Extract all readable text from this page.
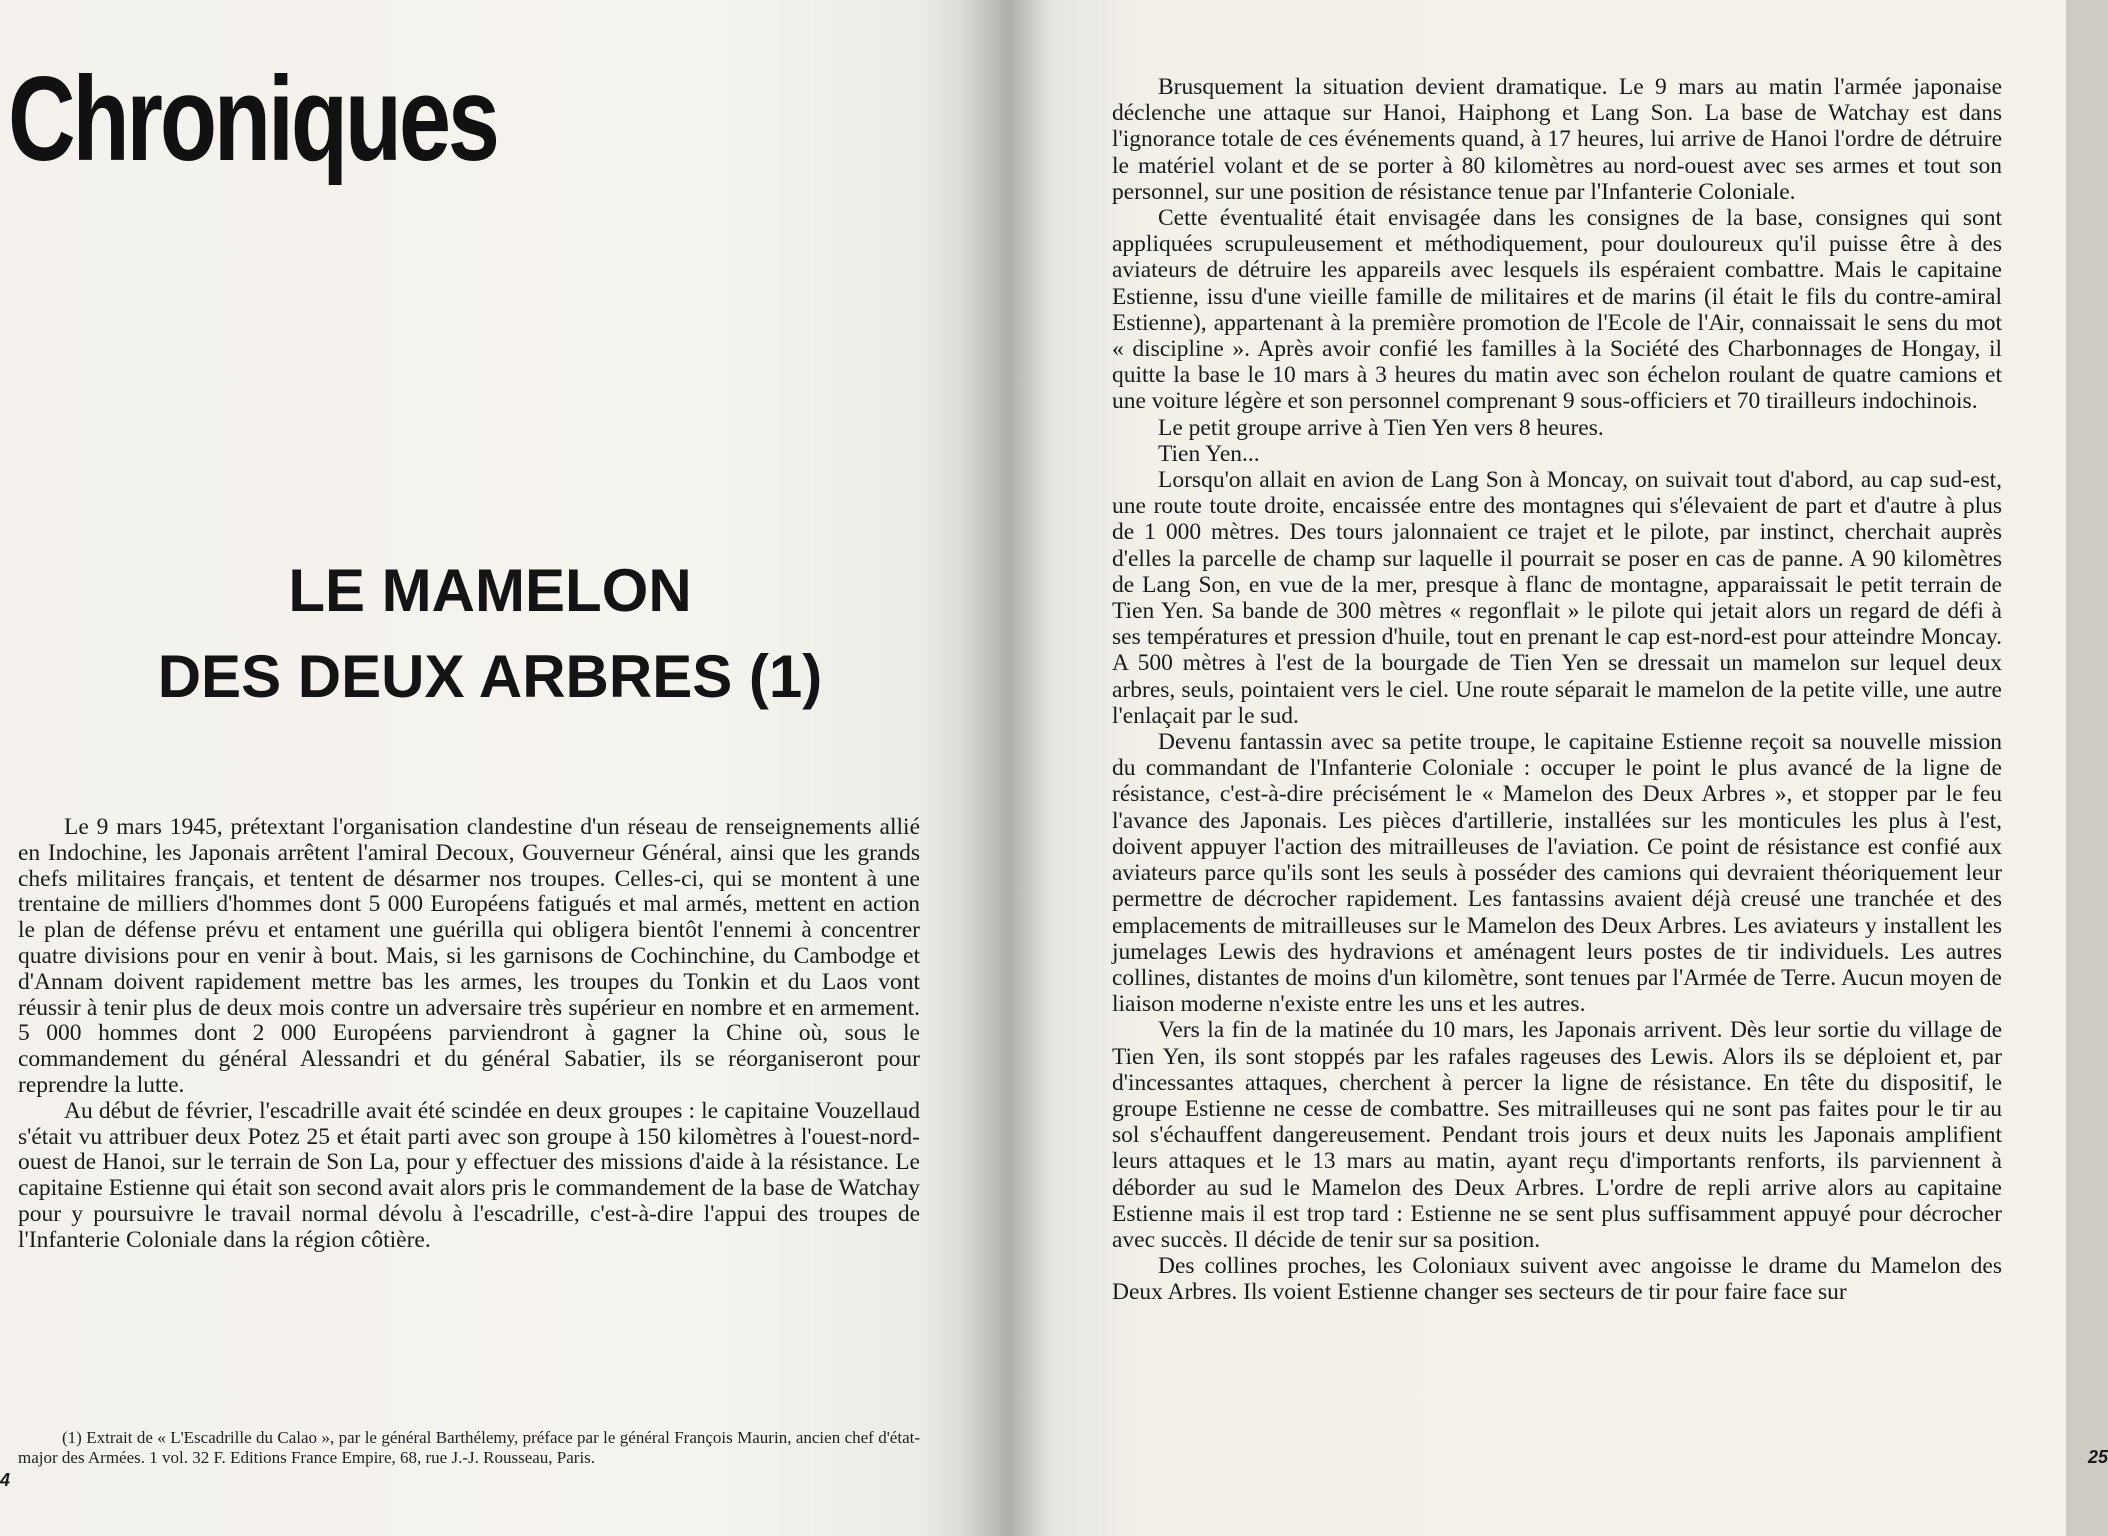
Chroniques
LE MAMELON
DES DEUX ARBRES (1)

Le 9 mars 1945, prétextant l'organisation clandestine d'un réseau de renseignements allié en Indochine, les Japonais arrêtent l'amiral Decoux, Gouverneur Général, ainsi que les grands chefs militaires français, et tentent de désarmer nos troupes. Celles-ci, qui se montent à une trentaine de milliers d'hommes dont 5 000 Européens fatigués et mal armés, mettent en action le plan de défense prévu et entament une guérilla qui obligera bientôt l'ennemi à concentrer quatre divisions pour en venir à bout. Mais, si les garnisons de Cochinchine, du Cambodge et d'Annam doivent rapidement mettre bas les armes, les troupes du Tonkin et du Laos vont réussir à tenir plus de deux mois contre un adversaire très supérieur en nombre et en armement. 5 000 hommes dont 2 000 Européens parviendront à gagner la Chine où, sous le commandement du général Alessandri et du général Sabatier, ils se réorganiseront pour reprendre la lutte.

Au début de février, l'escadrille avait été scindée en deux groupes : le capitaine Vouzellaud s'était vu attribuer deux Potez 25 et était parti avec son groupe à 150 kilomètres à l'ouest-nord-ouest de Hanoi, sur le terrain de Son La, pour y effectuer des missions d'aide à la résistance. Le capitaine Estienne qui était son second avait alors pris le commandement de la base de Watchay pour y poursuivre le travail normal dévolu à l'escadrille, c'est-à-dire l'appui des troupes de l'Infanterie Coloniale dans la région côtière.

(1) Extrait de « L'Escadrille du Calao », par le général Barthélemy, préface par le général François Maurin, ancien chef d'état-major des Armées. 1 vol. 32 F. Editions France Empire, 68, rue J.-J. Rousseau, Paris.

4

Brusquement la situation devient dramatique. Le 9 mars au matin l'armée japonaise déclenche une attaque sur Hanoi, Haiphong et Lang Son. La base de Watchay est dans l'ignorance totale de ces événements quand, à 17 heures, lui arrive de Hanoi l'ordre de détruire le matériel volant et de se porter à 80 kilomètres au nord-ouest avec ses armes et tout son personnel, sur une position de résistance tenue par l'Infanterie Coloniale.

Cette éventualité était envisagée dans les consignes de la base, consignes qui sont appliquées scrupuleusement et méthodiquement, pour douloureux qu'il puisse être à des aviateurs de détruire les appareils avec lesquels ils espéraient combattre. Mais le capitaine Estienne, issu d'une vieille famille de militaires et de marins (il était le fils du contre-amiral Estienne), appartenant à la première promotion de l'Ecole de l'Air, connaissait le sens du mot « discipline ». Après avoir confié les familles à la Société des Charbonnages de Hongay, il quitte la base le 10 mars à 3 heures du matin avec son échelon roulant de quatre camions et une voiture légère et son personnel comprenant 9 sous-officiers et 70 tirailleurs indochinois.

Le petit groupe arrive à Tien Yen vers 8 heures.

Tien Yen...

Lorsqu'on allait en avion de Lang Son à Moncay, on suivait tout d'abord, au cap sud-est, une route toute droite, encaissée entre des montagnes qui s'élevaient de part et d'autre à plus de 1 000 mètres. Des tours jalonnaient ce trajet et le pilote, par instinct, cherchait auprès d'elles la parcelle de champ sur laquelle il pourrait se poser en cas de panne. A 90 kilomètres de Lang Son, en vue de la mer, presque à flanc de montagne, apparaissait le petit terrain de Tien Yen. Sa bande de 300 mètres « regonflait » le pilote qui jetait alors un regard de défi à ses températures et pression d'huile, tout en prenant le cap est-nord-est pour atteindre Moncay. A 500 mètres à l'est de la bourgade de Tien Yen se dressait un mamelon sur lequel deux arbres, seuls, pointaient vers le ciel. Une route séparait le mamelon de la petite ville, une autre l'enlaçait par le sud.

Devenu fantassin avec sa petite troupe, le capitaine Estienne reçoit sa nouvelle mission du commandant de l'Infanterie Coloniale : occuper le point le plus avancé de la ligne de résistance, c'est-à-dire précisément le « Mamelon des Deux Arbres », et stopper par le feu l'avance des Japonais. Les pièces d'artillerie, installées sur les monticules les plus à l'est, doivent appuyer l'action des mitrailleuses de l'aviation. Ce point de résistance est confié aux aviateurs parce qu'ils sont les seuls à posséder des camions qui devraient théoriquement leur permettre de décrocher rapidement. Les fantassins avaient déjà creusé une tranchée et des emplacements de mitrailleuses sur le Mamelon des Deux Arbres. Les aviateurs y installent les jumelages Lewis des hydravions et aménagent leurs postes de tir individuels. Les autres collines, distantes de moins d'un kilomètre, sont tenues par l'Armée de Terre. Aucun moyen de liaison moderne n'existe entre les uns et les autres.

Vers la fin de la matinée du 10 mars, les Japonais arrivent. Dès leur sortie du village de Tien Yen, ils sont stoppés par les rafales rageuses des Lewis. Alors ils se déploient et, par d'incessantes attaques, cherchent à percer la ligne de résistance. En tête du dispositif, le groupe Estienne ne cesse de combattre. Ses mitrailleuses qui ne sont pas faites pour le tir au sol s'échauffent dangereusement. Pendant trois jours et deux nuits les Japonais amplifient leurs attaques et le 13 mars au matin, ayant reçu d'importants renforts, ils parviennent à déborder au sud le Mamelon des Deux Arbres. L'ordre de repli arrive alors au capitaine Estienne mais il est trop tard : Estienne ne se sent plus suffisamment appuyé pour décrocher avec succès. Il décide de tenir sur sa position.

Des collines proches, les Coloniaux suivent avec angoisse le drame du Mamelon des Deux Arbres. Ils voient Estienne changer ses secteurs de tir pour faire face sur

25
